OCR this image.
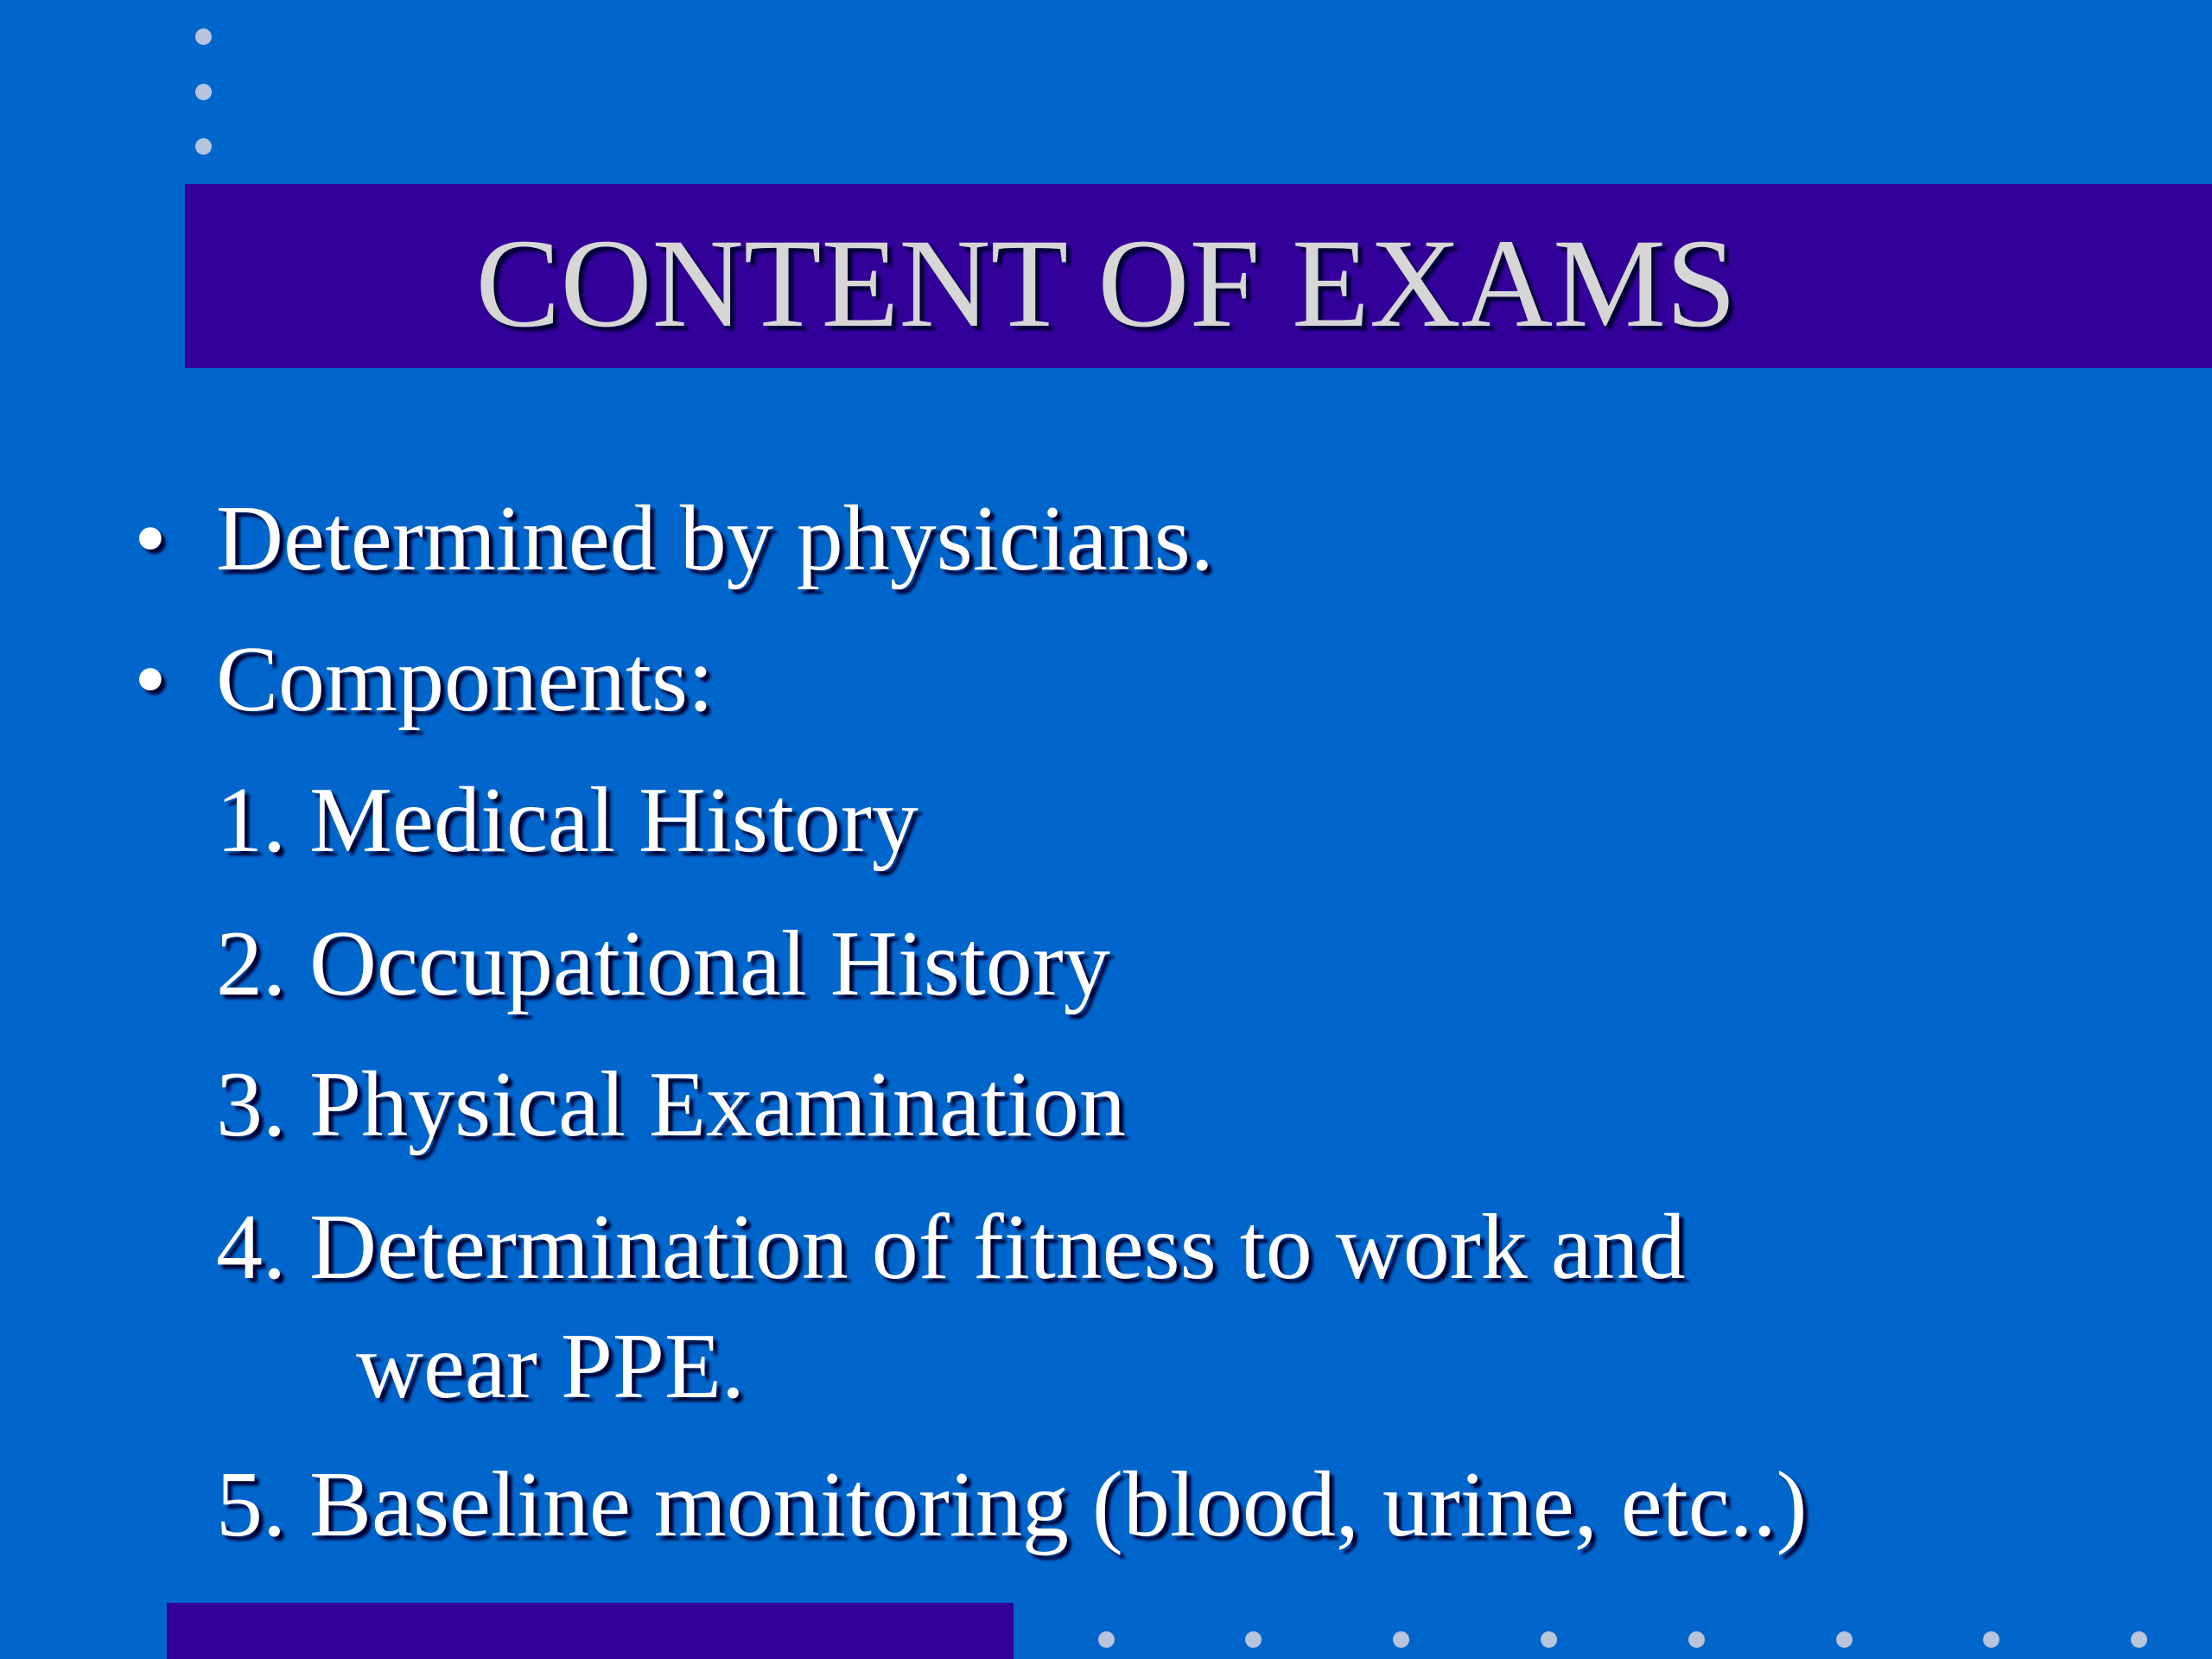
CONTENT OF EXAMS
• Determined by physicians.

• Components:

1. Medical History

2. Occupational History

3. Physical Examination

4. Determination of fitness to work and

wear PPE.

5. Baseline monitoring (blood, urine, etc..)
